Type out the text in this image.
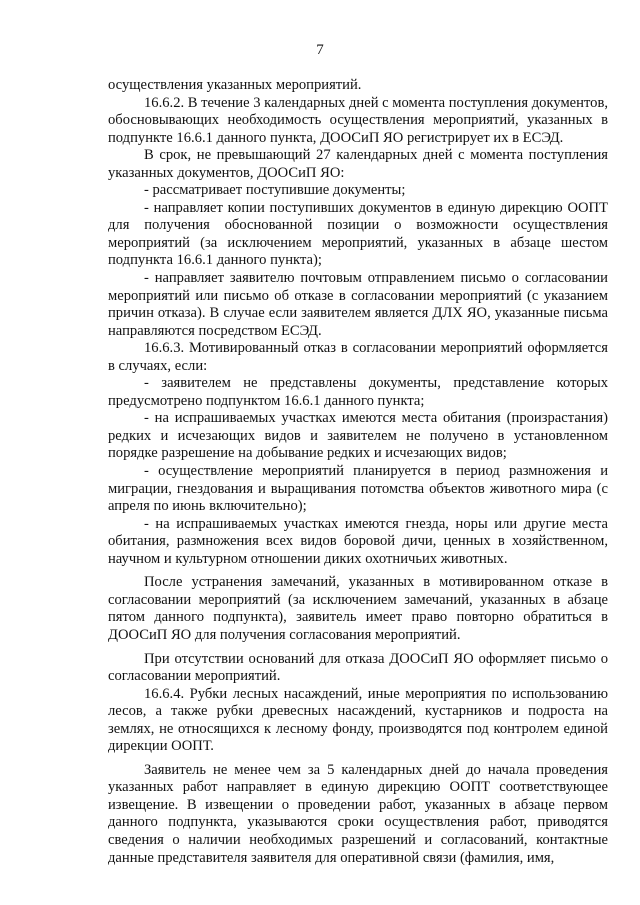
7

осуществления указанных мероприятий.

16.6.2. В течение 3 календарных дней с момента поступления документов, обосновывающих необходимость осуществления мероприятий, указанных в подпункте 16.6.1 данного пункта, ДООСиП ЯО регистрирует их в ЕСЭД.

В срок, не превышающий 27 календарных дней с момента поступления указанных документов, ДООСиП ЯО:

- рассматривает поступившие документы;

- направляет копии поступивших документов в единую дирекцию ООПТ для получения обоснованной позиции о возможности осуществления мероприятий (за исключением мероприятий, указанных в абзаце шестом подпункта 16.6.1 данного пункта);

- направляет заявителю почтовым отправлением письмо о согласовании мероприятий или письмо об отказе в согласовании мероприятий (с указанием причин отказа). В случае если заявителем является ДЛХ ЯО, указанные письма направляются посредством ЕСЭД.

16.6.3. Мотивированный отказ в согласовании мероприятий оформляется в случаях, если:

- заявителем не представлены документы, представление которых предусмотрено подпунктом 16.6.1 данного пункта;

- на испрашиваемых участках имеются места обитания (произрастания) редких и исчезающих видов и заявителем не получено в установленном порядке разрешение на добывание редких и исчезающих видов;

- осуществление мероприятий планируется в период размножения и миграции, гнездования и выращивания потомства объектов животного мира (с апреля по июнь включительно);

- на испрашиваемых участках имеются гнезда, норы или другие места обитания, размножения всех видов боровой дичи, ценных в хозяйственном, научном и культурном отношении диких охотничьих животных.

После устранения замечаний, указанных в мотивированном отказе в согласовании мероприятий (за исключением замечаний, указанных в абзаце пятом данного подпункта), заявитель имеет право повторно обратиться в ДООСиП ЯО для получения согласования мероприятий.

При отсутствии оснований для отказа ДООСиП ЯО оформляет письмо о согласовании мероприятий.

16.6.4. Рубки лесных насаждений, иные мероприятия по использованию лесов, а также рубки древесных насаждений, кустарников и подроста на землях, не относящихся к лесному фонду, производятся под контролем единой дирекции ООПТ.

Заявитель не менее чем за 5 календарных дней до начала проведения указанных работ направляет в единую дирекцию ООПТ соответствующее извещение. В извещении о проведении работ, указанных в абзаце первом данного подпункта, указываются сроки осуществления работ, приводятся сведения о наличии необходимых разрешений и согласований, контактные данные представителя заявителя для оперативной связи (фамилия, имя,
